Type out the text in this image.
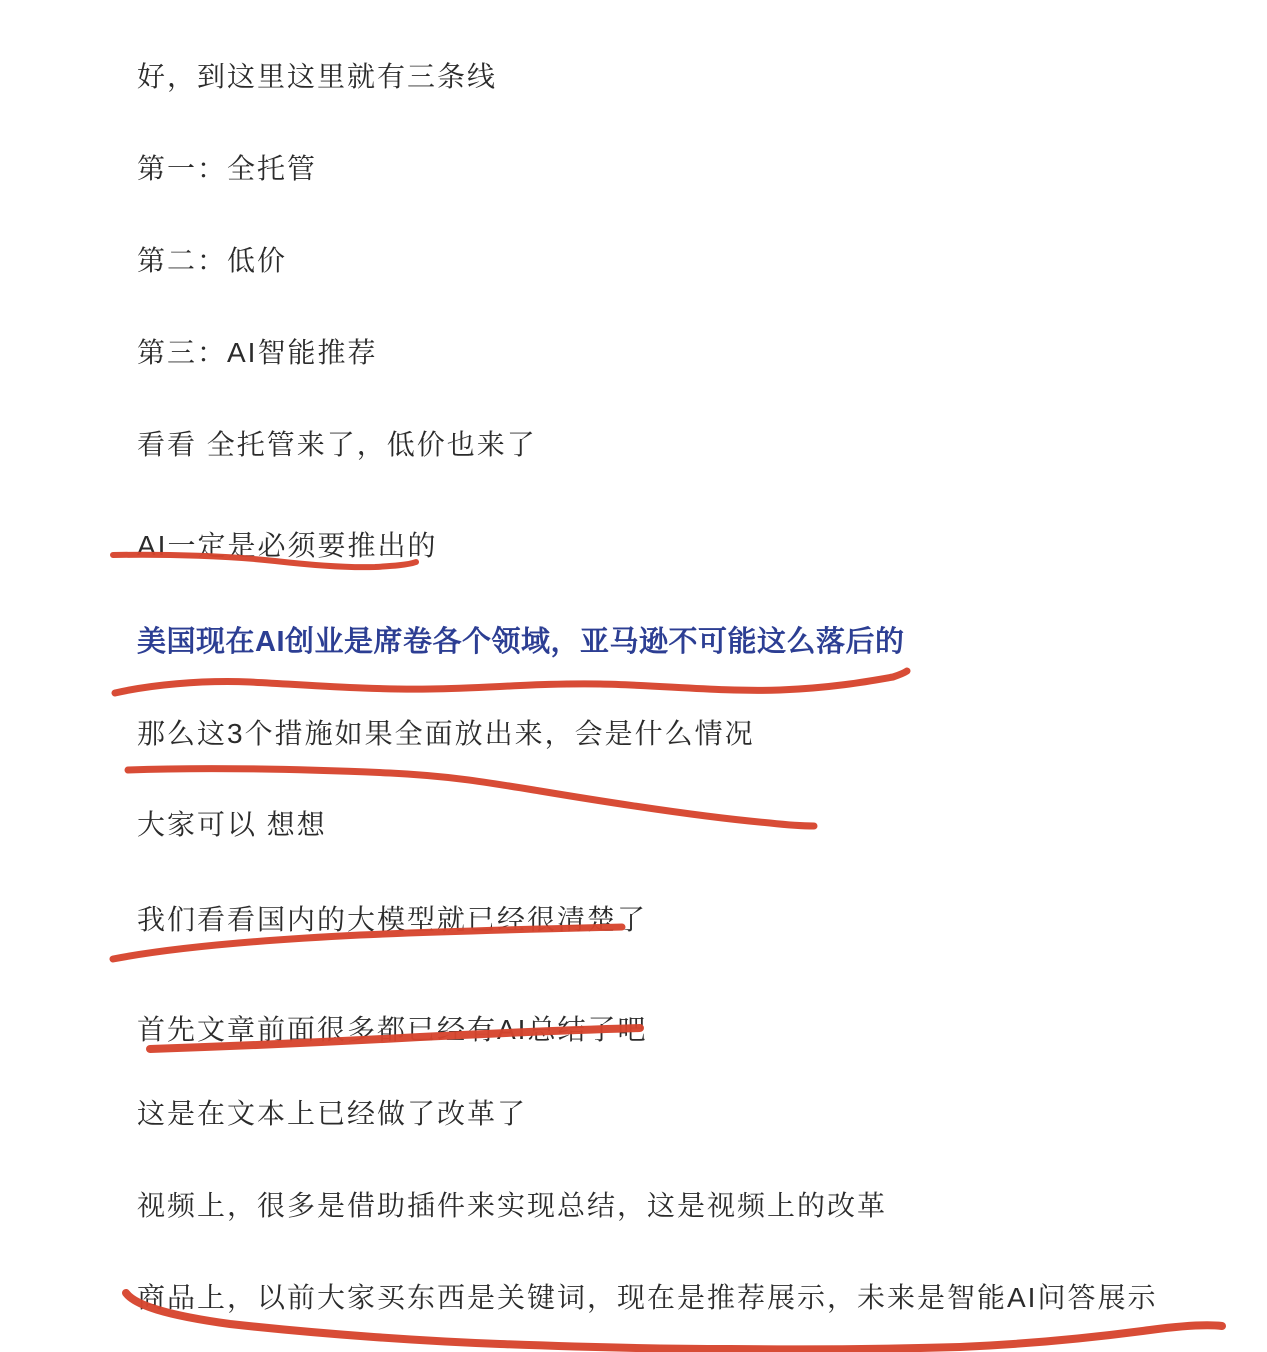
好，到这里这里就有三条线
第一：全托管
第二：低价
第三：AI智能推荐
看看 全托管来了，低价也来了
AI一定是必须要推出的
美国现在AI创业是席卷各个领域，亚马逊不可能这么落后的
那么这3个措施如果全面放出来，会是什么情况
大家可以 想想
我们看看国内的大模型就已经很清楚了
首先文章前面很多都已经有AI总结了吧
这是在文本上已经做了改革了
视频上，很多是借助插件来实现总结，这是视频上的改革
商品上，以前大家买东西是关键词，现在是推荐展示，未来是智能AI问答展示
